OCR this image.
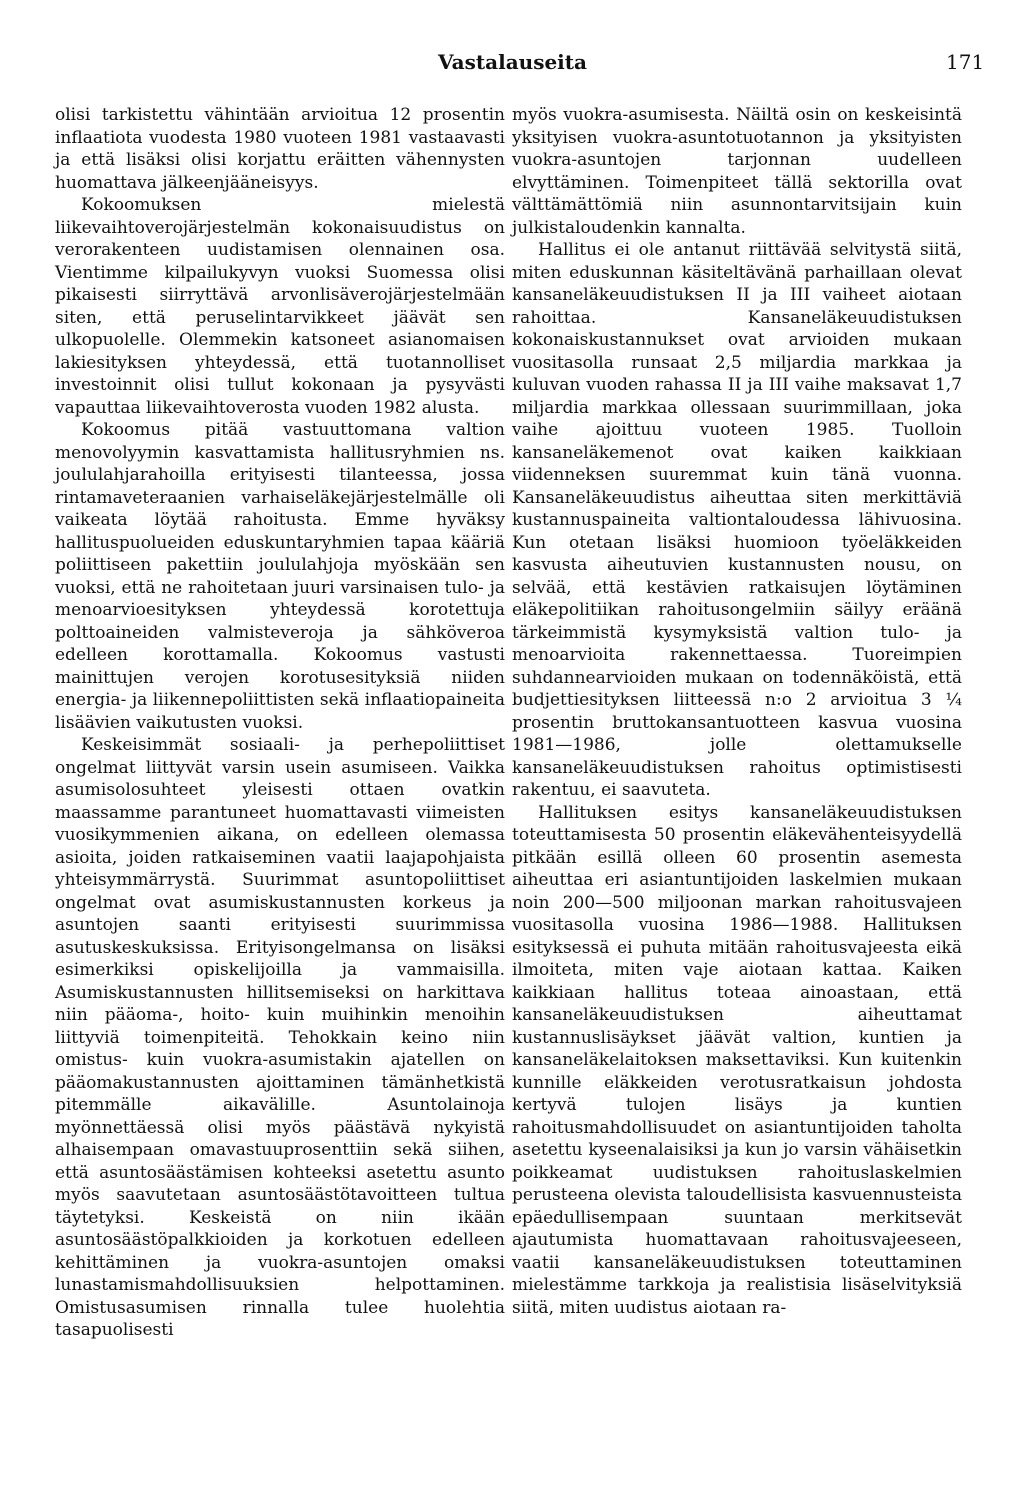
Vastalauseita	171

olisi tarkistettu vähintään arvioitua 12 prosentin inflaatiota vuodesta 1980 vuoteen 1981 vastaavasti ja että lisäksi olisi korjattu eräitten vähennysten huomattava jälkeenjääneisyys.

Kokoomuksen mielestä liikevaihtoverojärjestelmän kokonaisuudistus on verorakenteen uudistamisen olennainen osa. Vientimme kilpailukyvyn vuoksi Suomessa olisi pikaisesti siirryttävä arvonlisäverojärjestelmään siten, että peruselintarvikkeet jäävät sen ulkopuolelle. Olemmekin katsoneet asianomaisen lakiesityksen yhteydessä, että tuotannolliset investoinnit olisi tullut kokonaan ja pysyvästi vapauttaa liikevaihtoverosta vuoden 1982 alusta.

Kokoomus pitää vastuuttomana valtion menovolyymin kasvattamista hallitusryhmien ns. joululahjarahoilla erityisesti tilanteessa, jossa rintamaveteraanien varhaiseläkejärjestelmälle oli vaikeata löytää rahoitusta. Emme hyväksy hallituspuolueiden eduskuntaryhmien tapaa kääriä poliittiseen pakettiin joululahjoja myöskään sen vuoksi, että ne rahoitetaan juuri varsinaisen tulo- ja menoarvioesityksen yhteydessä korotettuja polttoaineiden valmisteveroja ja sähköveroa edelleen korottamalla. Kokoomus vastusti mainittujen verojen korotusesityksiä niiden energia- ja liikennepoliittisten sekä inflaatiopaineita lisäävien vaikutusten vuoksi.

Keskeisimmät sosiaali- ja perhepoliittiset ongelmat liittyvät varsin usein asumiseen. Vaikka asumisolosuhteet yleisesti ottaen ovatkin maassamme parantuneet huomattavasti viimeisten vuosikymmenien aikana, on edelleen olemassa asioita, joiden ratkaiseminen vaatii laajapohjaista yhteisymmärrystä. Suurimmat asuntopoliittiset ongelmat ovat asumiskustannusten korkeus ja asuntojen saanti erityisesti suurimmissa asutuskeskuksissa. Erityisongelmansa on lisäksi esimerkiksi opiskelijoilla ja vammaisilla. Asumiskustannusten hillitsemiseksi on harkittava niin pääoma-, hoito- kuin muihinkin menoihin liittyviä toimenpiteitä. Tehokkain keino niin omistus- kuin vuokra-asumistakin ajatellen on pääomakustannusten ajoittaminen tämänhetkistä pitemmälle aikavälille. Asuntolainoja myönnettäessä olisi myös päästävä nykyistä alhaisempaan omavastuuprosenttiin sekä siihen, että asuntosäästämisen kohteeksi asetettu asunto myös saavutetaan asuntosäästötavoitteen tultua täytetyksi. Keskeistä on niin ikään asuntosäästöpalkkioiden ja korkotuen edelleen kehittäminen ja vuokra-asuntojen omaksi lunastamismahdollisuuksien helpottaminen. Omistusasumisen rinnalla tulee huolehtia tasapuolisesti

myös vuokra-asumisesta. Näiltä osin on keskeisintä yksityisen vuokra-asuntotuotannon ja yksityisten vuokra-asuntojen tarjonnan uudelleen elvyttäminen. Toimenpiteet tällä sektorilla ovat välttämättömiä niin asunnontarvitsijain kuin julkistaloudenkin kannalta.

Hallitus ei ole antanut riittävää selvitystä siitä, miten eduskunnan käsiteltävänä parhaillaan olevat kansaneläkeuudistuksen II ja III vaiheet aiotaan rahoittaa. Kansaneläkeuudistuksen kokonaiskustannukset ovat arvioiden mukaan vuositasolla runsaat 2,5 miljardia markkaa ja kuluvan vuoden rahassa II ja III vaihe maksavat 1,7 miljardia markkaa ollessaan suurimmillaan, joka vaihe ajoittuu vuoteen 1985. Tuolloin kansaneläkemenot ovat kaiken kaikkiaan viidenneksen suuremmat kuin tänä vuonna. Kansaneläkeuudistus aiheuttaa siten merkittäviä kustannuspaineita valtiontaloudessa lähivuosina. Kun otetaan lisäksi huomioon työeläkkeiden kasvusta aiheutuvien kustannusten nousu, on selvää, että kestävien ratkaisujen löytäminen eläkepolitiikan rahoitusongelmiin säilyy eräänä tärkeimmistä kysymyksistä valtion tulo- ja menoarvioita rakennettaessa. Tuoreimpien suhdannearvioiden mukaan on todennäköistä, että budjettiesityksen liitteessä n:o 2 arvioitua 3 ¼ prosentin bruttokansantuotteen kasvua vuosina 1981—1986, jolle olettamukselle kansaneläkeuudistuksen rahoitus optimistisesti rakentuu, ei saavuteta.

Hallituksen esitys kansaneläkeuudistuksen toteuttamisesta 50 prosentin eläkevähenteisyydellä pitkään esillä olleen 60 prosentin asemesta aiheuttaa eri asiantuntijoiden laskelmien mukaan noin 200—500 miljoonan markan rahoitusvajeen vuositasolla vuosina 1986—1988. Hallituksen esityksessä ei puhuta mitään rahoitusvajeesta eikä ilmoiteta, miten vaje aiotaan kattaa. Kaiken kaikkiaan hallitus toteaa ainoastaan, että kansaneläkeuudistuksen aiheuttamat kustannuslisäykset jäävät valtion, kuntien ja kansaneläkelaitoksen maksettaviksi. Kun kuitenkin kunnille eläkkeiden verotusratkaisun johdosta kertyvä tulojen lisäys ja kuntien rahoitusmahdollisuudet on asiantuntijoiden taholta asetettu kyseenalaisiksi ja kun jo varsin vähäisetkin poikkeamat uudistuksen rahoituslaskelmien perusteena olevista taloudellisista kasvuennusteista epäedullisempaan suuntaan merkitsevät ajautumista huomattavaan rahoitusvajeeseen, vaatii kansaneläkeuudistuksen toteuttaminen mielestämme tarkkoja ja realistisia lisäselvityksiä siitä, miten uudistus aiotaan ra-
